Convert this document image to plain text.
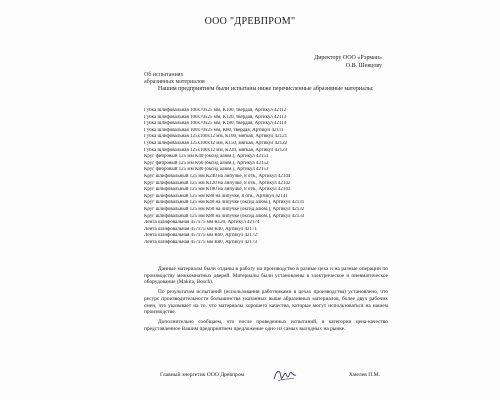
ООО "ДРЕВПРОМ"
Директору ООО «Рэрман»
О.В. Шевцову
Об испытаниях
абразивных материалов
Нашим предприятием были испытаны ниже перечисленные абразивные материалы:
Губка шлифовальная 100х70х25 мм, К100, твердая, Артикул 42112
Губка шлифовальная 100х70х25 мм, К120, твердая, Артикул 42113
Губка шлифовальная 100х70х25 мм, К180, твердая, Артикул 42114
Губка шлифовальная 100х70х25 мм, К80, твердая, Артикул 42111
Губка шлифовальная 125х100х12 мм, К100, мягкая, Артикул 42121
Губка шлифовальная 125х100х12 мм, К150, мягкая, Артикул 42122
Губка шлифовальная 125х100х12 мм, К220, мягкая, Артикул 42123
Круг фибровый 125 мм К40 (оксид алюм.), Артикул 42151
Круг фибровый 125 мм К60 (оксид алюм.), Артикул 42152
Круг фибровый 125 мм К80 (оксид алюм.), Артикул 42153
Круг шлифовальный 125 мм К240 на липучке, 8 отв., Артикул 42144
Круг шлифовальный 125 мм К120 на липучке, 8 отв., Артикул 42142
Круг шлифовальный 125 мм К180 на липучке, 8 отв., Артикул 42143
Круг шлифовальный 125 мм К80 на липучке, 8 отв., Артикул 42141
Круг шлифовальный 125 мм К40 на липучке (оксид алюм.), Артикул 42131
Круг шлифовальный 125 мм К60 на липучке (оксид алюм.), Артикул 42132
Круг шлифовальный 125 мм К80 на липучке (оксид алюм.), Артикул 42133
Лента шлифовальная 457х75 мм К120, Артикул 42174
Лента шлифовальная 457х75 мм К40, Артикул 42171
Лента шлифовальная 457х75 мм К60, Артикул 42172
Лента шлифовальная 457х75 мм К80, Артикул 42173

Данные материалы были отданы в работу на производство в разные цеха и на разные операции по производству межкомнатных дверей. Материалы были установлены в электрическое и пневматическое оборудование (Makita, Bosch).

По результатам испытаний (использования работниками в цехах производства) установлено, что ресурс производительности большинства указанных выше абразивных материалов, более двух рабочих смен, что указывает на то, что материалы хорошего качества, которые могут использоваться на нашем производстве.

Дополнительно сообщаем, что после проведенных испытаний, в категории цена-качество представленное Вашим предприятием предложение одно из самых выгодных на рынке.

Главный энергетик ООО Древпром	Хмелев П.М.
